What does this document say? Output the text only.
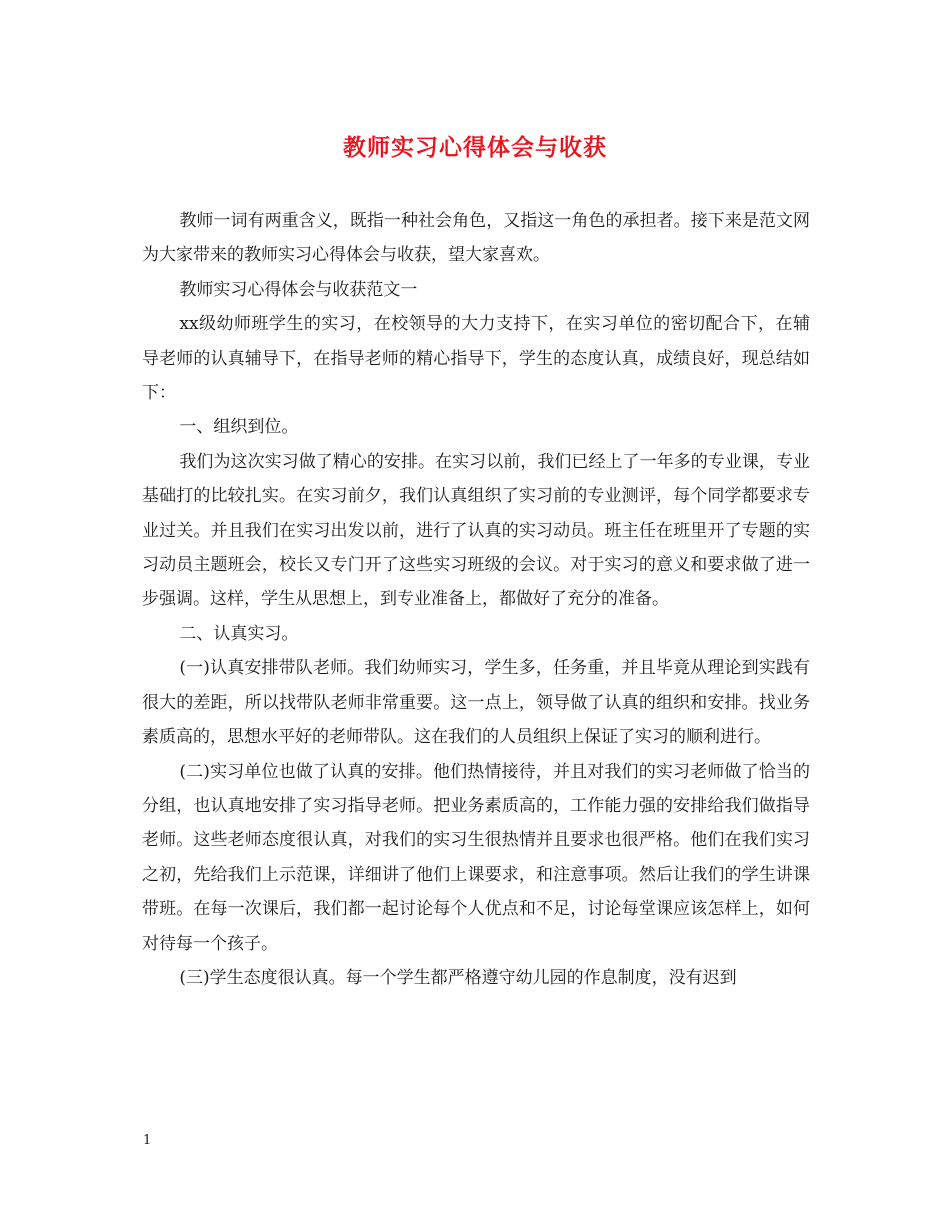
教师实习心得体会与收获

教师一词有两重含义，既指一种社会角色，又指这一角色的承担者。接下来是范文网为大家带来的教师实习心得体会与收获，望大家喜欢。

教师实习心得体会与收获范文一

xx级幼师班学生的实习，在校领导的大力支持下，在实习单位的密切配合下，在辅导老师的认真辅导下，在指导老师的精心指导下，学生的态度认真，成绩良好，现总结如下：

一、组织到位。

我们为这次实习做了精心的安排。在实习以前，我们已经上了一年多的专业课，专业基础打的比较扎实。在实习前夕，我们认真组织了实习前的专业测评，每个同学都要求专业过关。并且我们在实习出发以前，进行了认真的实习动员。班主任在班里开了专题的实习动员主题班会，校长又专门开了这些实习班级的会议。对于实习的意义和要求做了进一步强调。这样，学生从思想上，到专业准备上，都做好了充分的准备。

二、认真实习。

(一)认真安排带队老师。我们幼师实习，学生多，任务重，并且毕竟从理论到实践有很大的差距，所以找带队老师非常重要。这一点上，领导做了认真的组织和安排。找业务素质高的，思想水平好的老师带队。这在我们的人员组织上保证了实习的顺利进行。

(二)实习单位也做了认真的安排。他们热情接待，并且对我们的实习老师做了恰当的分组，也认真地安排了实习指导老师。把业务素质高的，工作能力强的安排给我们做指导老师。这些老师态度很认真，对我们的实习生很热情并且要求也很严格。他们在我们实习之初，先给我们上示范课，详细讲了他们上课要求，和注意事项。然后让我们的学生讲课带班。在每一次课后，我们都一起讨论每个人优点和不足，讨论每堂课应该怎样上，如何对待每一个孩子。

(三)学生态度很认真。每一个学生都严格遵守幼儿园的作息制度，没有迟到

1
